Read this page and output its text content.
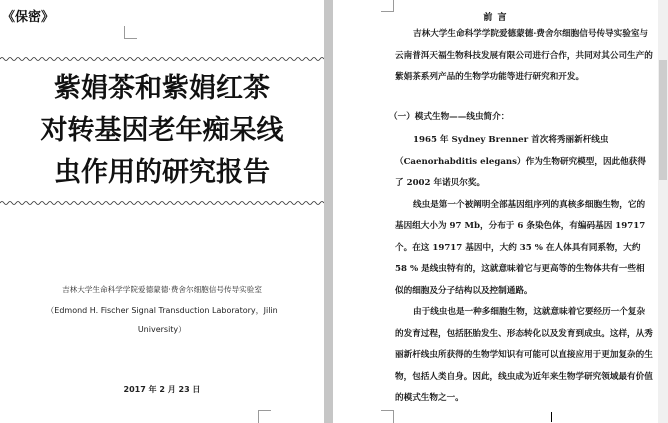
《保密》
紫娟茶和紫娟红茶
对转基因老年痴呆线
虫作用的研究报告
吉林大学生命科学学院爱德蒙德·费舍尔细胞信号传导实验室
（Edmond H. Fischer Signal Transduction Laboratory，Jilin
University）
2017 年 2 月 23 日
前 言

吉林大学生命科学学院爱德蒙德·费舍尔细胞信号传导实验室与云南普洱天福生物科技发展有限公司进行合作，共同对其公司生产的紫娟茶系列产品的生物学功能等进行研究和开发。

（一）模式生物——线虫简介：

1965 年 Sydney Brenner 首次将秀丽新杆线虫（Caenorhabditis elegans）作为生物研究模型，因此他获得了 2002 年诺贝尔奖。

线虫是第一个被阐明全部基因组序列的真核多细胞生物，它的基因组大小为 97 Mb，分布于 6 条染色体，有编码基因 19717 个。在这 19717 基因中，大约 35 % 在人体具有同系物，大约 58 % 是线虫特有的，这就意味着它与更高等的生物体共有一些相似的细胞及分子结构以及控制通路。

由于线虫也是一种多细胞生物，这就意味着它要经历一个复杂的发育过程，包括胚胎发生、形态转化以及发育到成虫。这样，从秀丽新杆线虫所获得的生物学知识有可能可以直接应用于更加复杂的生物，包括人类自身。因此，线虫成为近年来生物学研究领域最有价值的模式生物之一。
